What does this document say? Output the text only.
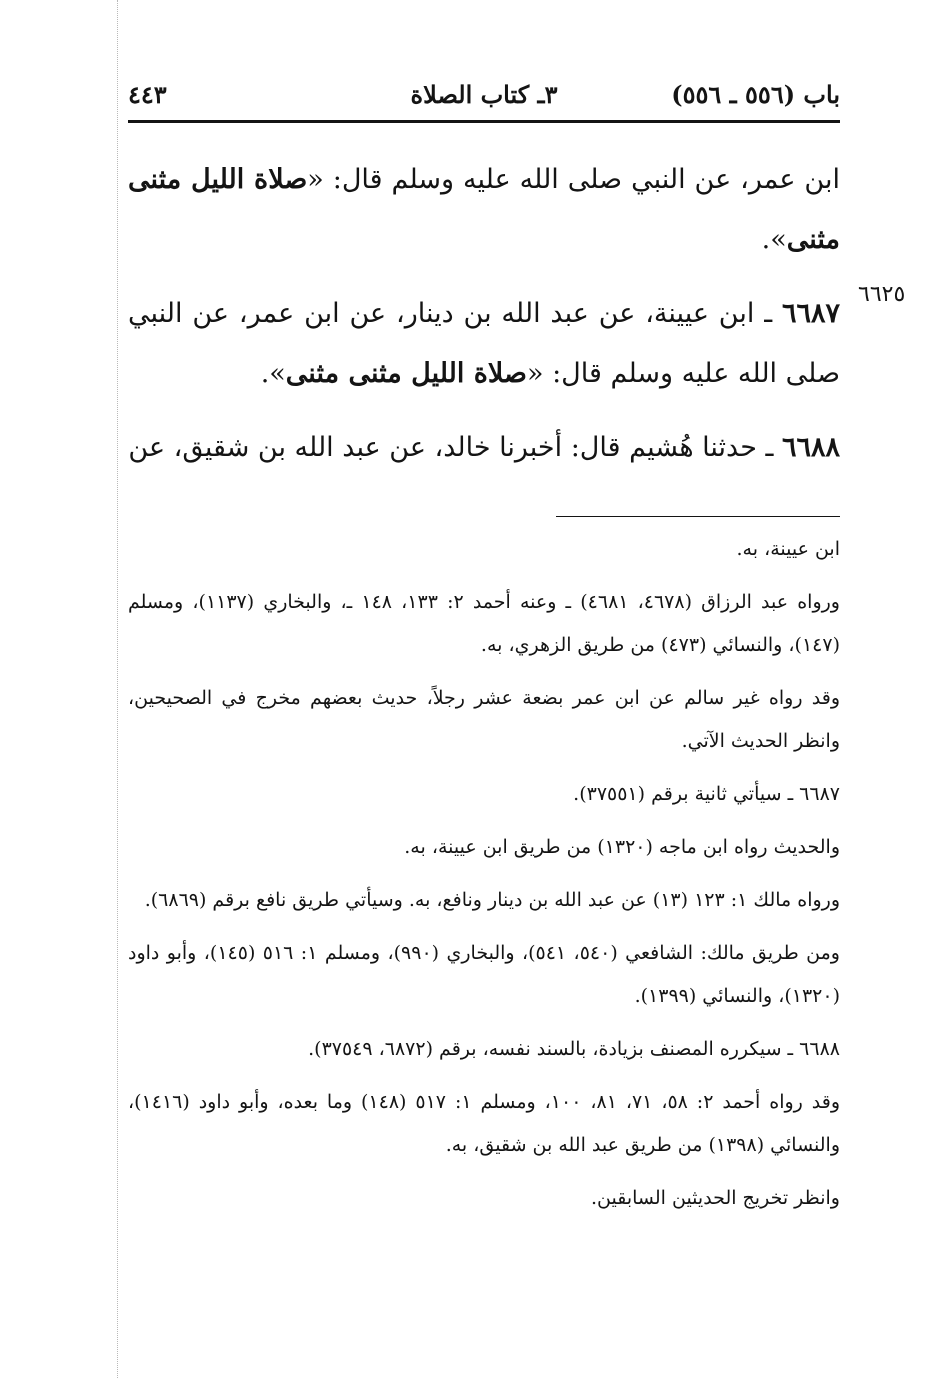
باب (٥٥٦ ـ ٥٥٦)
٣ـ كتاب الصلاة
٤٤٣
٦٦٢٥

ابن عمر، عن النبي صلى الله عليه وسلم قال: «صلاة الليل مثنى مثنى».

٦٦٨٧ ـ ابن عيينة، عن عبد الله بن دينار، عن ابن عمر، عن النبي صلى الله عليه وسلم قال: «صلاة الليل مثنى مثنى».

٦٦٨٨ ـ حدثنا هُشيم قال: أخبرنا خالد، عن عبد الله بن شقيق، عن

ابن عيينة، به.

ورواه عبد الرزاق (٤٦٧٨، ٤٦٨١) ـ وعنه أحمد ٢: ١٣٣، ١٤٨ ـ، والبخاري (١١٣٧)، ومسلم (١٤٧)، والنسائي (٤٧٣) من طريق الزهري، به.

وقد رواه غير سالم عن ابن عمر بضعة عشر رجلاً، حديث بعضهم مخرج في الصحيحين، وانظر الحديث الآتي.

٦٦٨٧ ـ سيأتي ثانية برقم (٣٧٥٥١).

والحديث رواه ابن ماجه (١٣٢٠) من طريق ابن عيينة، به.

ورواه مالك ١: ١٢٣ (١٣) عن عبد الله بن دينار ونافع، به. وسيأتي طريق نافع برقم (٦٨٦٩).

ومن طريق مالك: الشافعي (٥٤٠، ٥٤١)، والبخاري (٩٩٠)، ومسلم ١: ٥١٦ (١٤٥)، وأبو داود (١٣٢٠)، والنسائي (١٣٩٩).

٦٦٨٨ ـ سيكرره المصنف بزيادة، بالسند نفسه، برقم (٦٨٧٢، ٣٧٥٤٩).

وقد رواه أحمد ٢: ٥٨، ٧١، ٨١، ١٠٠، ومسلم ١: ٥١٧ (١٤٨) وما بعده، وأبو داود (١٤١٦)، والنسائي (١٣٩٨) من طريق عبد الله بن شقيق، به.

وانظر تخريج الحديثين السابقين.
